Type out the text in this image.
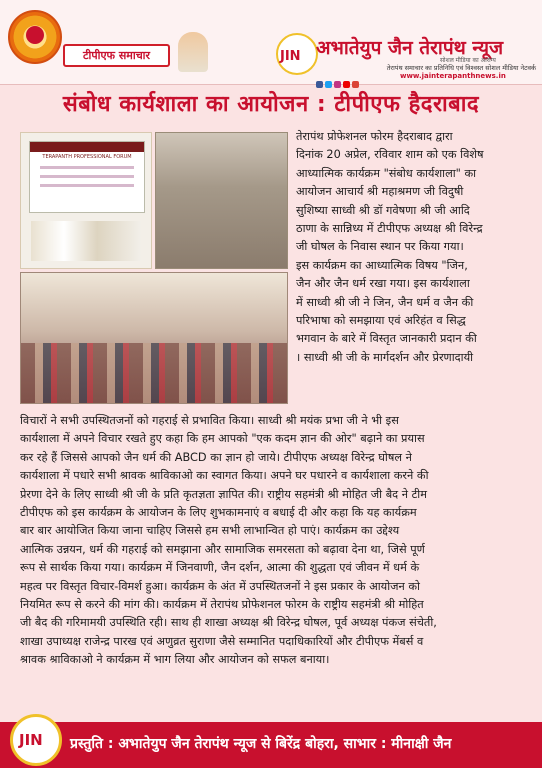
टीपीएफ समाचार	JIN अभातेयुप जैन तेरापंथ न्यूज
सोशल मीडिया का आरोग्य
तेरापंथ समाचार का प्रतिनिधि एवं विश्वस्त सोशल मीडिया नेटवर्क
www.jainterapanthnews.in
संबोध कार्यशाला का आयोजन : टीपीएफ हैदराबाद
TERAPANTH PROFESSIONAL FORUM
तेरापंथ प्रोफेशनल फोरम हैदराबाद द्वारा
दिनांक 20 अप्रेल, रविवार शाम को एक विशेष
आध्यात्मिक कार्यक्रम "संबोध कार्यशाला" का
आयोजन आचार्य श्री महाश्रमण जी विदुषी
सुशिष्या साध्वी श्री डॉ गवेषणा श्री जी आदि
ठाणा के सान्निध्य में टीपीएफ अध्यक्ष श्री विरेन्द्र
जी घोषल के निवास स्थान पर किया गया।
इस कार्यक्रम का आध्यात्मिक विषय "जिन,
जैन और जैन धर्म रखा गया। इस कार्यशाला
में साध्वी श्री जी ने जिन, जैन धर्म व जैन की
परिभाषा को समझाया एवं अरिहंत व सिद्ध
भगवान के बारे में विस्तृत जानकारी प्रदान की
। साध्वी श्री जी के मार्गदर्शन और प्रेरणादायी
विचारों ने सभी उपस्थितजनों को गहराई से प्रभावित किया। साध्वी श्री मयंक प्रभा जी ने भी इस
कार्यशाला में अपने विचार रखते हुए कहा कि हम आपको "एक कदम ज्ञान की ओर" बढ़ाने का प्रयास
कर रहे हैं जिससे आपको जैन धर्म की ABCD का ज्ञान हो जाये। टीपीएफ अध्यक्ष विरेन्द्र घोषल ने
कार्यशाला में पधारे सभी श्रावक श्राविकाओ का स्वागत किया। अपने घर पधारने व कार्यशाला करने की
प्रेरणा देने के लिए साध्वी श्री जी के प्रति कृतज्ञता ज्ञापित की। राष्ट्रीय सहमंत्री श्री मोहित जी बैद ने टीम
टीपीएफ को इस कार्यक्रम के आयोजन के लिए शुभकामनाएं व बधाई दी और कहा कि यह कार्यक्रम
बार बार आयोजित किया जाना चाहिए जिससे हम सभी लाभान्वित हो पाएं। कार्यक्रम का उद्देश्य
आत्मिक उन्नयन, धर्म की गहराई को समझाना और सामाजिक समरसता को बढ़ावा देना था, जिसे पूर्ण
रूप से सार्थक किया गया। कार्यक्रम में जिनवाणी, जैन दर्शन, आत्मा की शुद्धता एवं जीवन में धर्म के
महत्व पर विस्तृत विचार-विमर्श हुआ। कार्यक्रम के अंत में उपस्थितजनों ने इस प्रकार के आयोजन को
नियमित रूप से करने की मांग की। कार्यक्रम में तेरापंथ प्रोफेशनल फोरम के राष्ट्रीय सहमंत्री श्री मोहित
जी बैद की गरिमामयी उपस्थिति रही। साथ ही शाखा अध्यक्ष श्री विरेन्द्र घोषल, पूर्व अध्यक्ष पंकज संचेती,
शाखा उपाध्यक्ष राजेन्द्र पारख एवं अणुव्रत सुराणा जैसे सम्मानित पदाधिकारियों और टीपीएफ मेंबर्स व
श्रावक श्राविकाओ ने कार्यक्रम में भाग लिया और आयोजन को सफल बनाया।
JIN प्रस्तुति : अभातेयुप जैन तेरापंथ न्यूज से बिरेंद्र बोहरा, साभार : मीनाक्षी जैन
